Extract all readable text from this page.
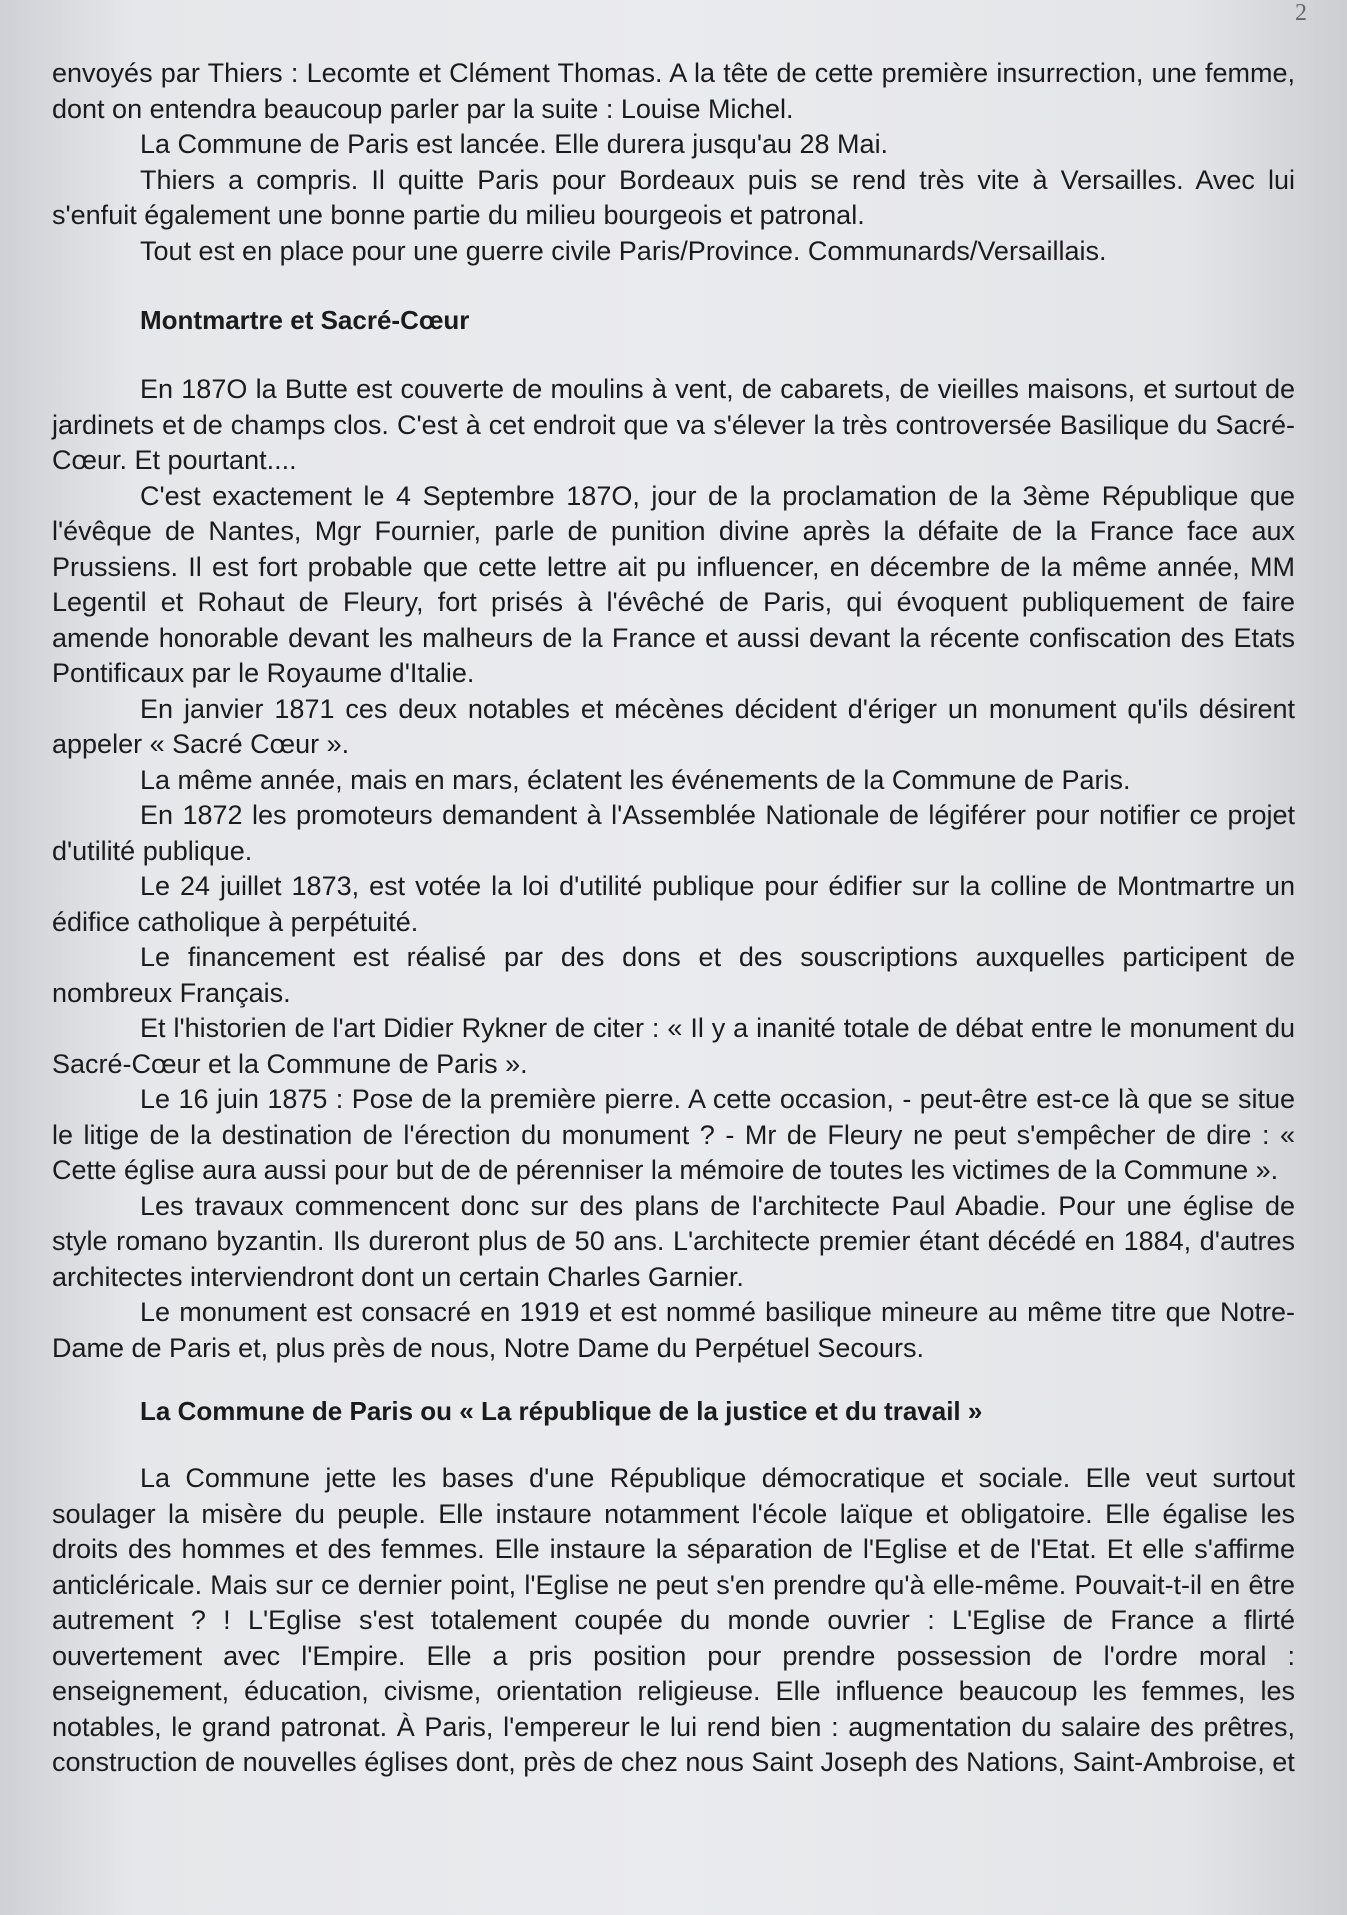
2

envoyés par Thiers : Lecomte et Clément Thomas. A la tête de cette première insurrection, une femme, dont on entendra beaucoup parler par la suite : Louise Michel.

La Commune de Paris est lancée. Elle durera jusqu'au 28 Mai.

Thiers a compris. Il quitte Paris pour Bordeaux puis se rend très vite à Versailles. Avec lui s'enfuit également une bonne partie du milieu bourgeois et patronal.

Tout est en place pour une guerre civile Paris/Province. Communards/Versaillais.

Montmartre et Sacré-Cœur

En 187O la Butte est couverte de moulins à vent, de cabarets, de vieilles maisons, et surtout de jardinets et de champs clos. C'est à cet endroit que va s'élever la très controversée Basilique du Sacré-Cœur. Et pourtant....

C'est exactement le 4 Septembre 187O, jour de la proclamation de la 3ème République que l'évêque de Nantes, Mgr Fournier, parle de punition divine après la défaite de la France face aux Prussiens. Il est fort probable que cette lettre ait pu influencer, en décembre de la même année, MM Legentil et Rohaut de Fleury, fort prisés à l'évêché de Paris, qui évoquent publiquement de faire amende honorable devant les malheurs de la France et aussi devant la récente confiscation des Etats Pontificaux par le Royaume d'Italie.

En janvier 1871 ces deux notables et mécènes décident d'ériger un monument qu'ils désirent appeler « Sacré Cœur ».

La même année, mais en mars, éclatent les événements de la Commune de Paris.

En 1872 les promoteurs demandent à l'Assemblée Nationale de légiférer pour notifier ce projet d'utilité publique.

Le 24 juillet 1873, est votée la loi d'utilité publique pour édifier sur la colline de Montmartre un édifice catholique à perpétuité.

Le financement est réalisé par des dons et des souscriptions auxquelles participent de nombreux Français.

Et l'historien de l'art Didier Rykner de citer : « Il y a inanité totale de débat entre le monument du Sacré-Cœur et la Commune de Paris ».

Le 16 juin 1875 : Pose de la première pierre. A cette occasion, - peut-être est-ce là que se situe le litige de la destination de l'érection du monument ? - Mr de Fleury ne peut s'empêcher de dire : « Cette église aura aussi pour but de de pérenniser la mémoire de toutes les victimes de la Commune ».

Les travaux commencent donc sur des plans de l'architecte Paul Abadie. Pour une église de style romano byzantin. Ils dureront plus de 50 ans. L'architecte premier étant décédé en 1884, d'autres architectes interviendront dont un certain Charles Garnier.

Le monument est consacré en 1919 et est nommé basilique mineure au même titre que Notre-Dame de Paris et, plus près de nous, Notre Dame du Perpétuel Secours.

La Commune de Paris ou « La république de la justice et du travail »

La Commune jette les bases d'une République démocratique et sociale. Elle veut surtout soulager la misère du peuple. Elle instaure notamment l'école laïque et obligatoire. Elle égalise les droits des hommes et des femmes. Elle instaure la séparation de l'Eglise et de l'Etat. Et elle s'affirme anticléricale. Mais sur ce dernier point, l'Eglise ne peut s'en prendre qu'à elle-même. Pouvait-t-il en être autrement ? ! L'Eglise s'est totalement coupée du monde ouvrier : L'Eglise de France a flirté ouvertement avec l'Empire. Elle a pris position pour prendre possession de l'ordre moral : enseignement, éducation, civisme, orientation religieuse. Elle influence beaucoup les femmes, les notables, le grand patronat. À Paris, l'empereur le lui rend bien : augmentation du salaire des prêtres, construction de nouvelles églises dont, près de chez nous Saint Joseph des Nations, Saint-Ambroise, et
